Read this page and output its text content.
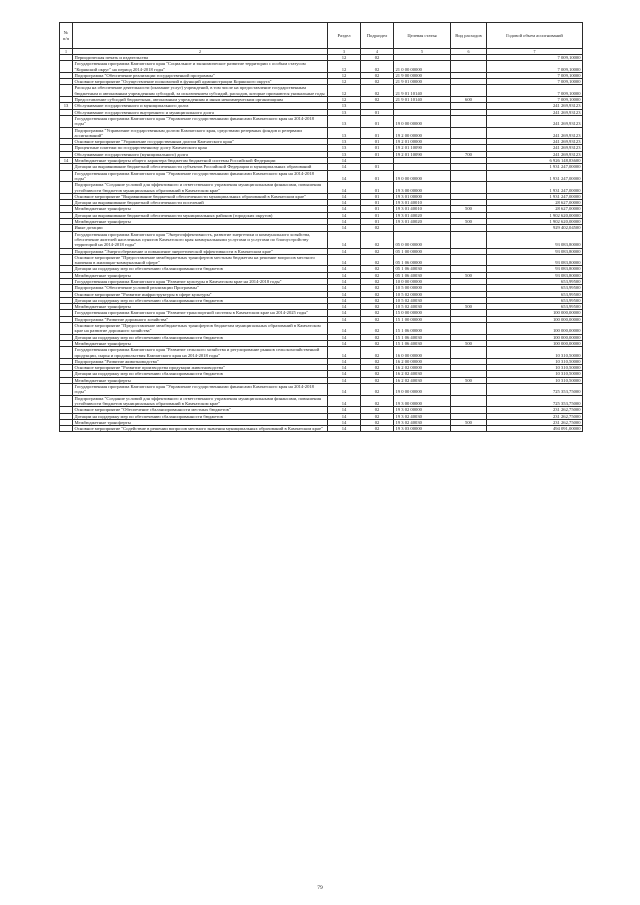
№ п/п		Раздел	Подраздел	Целевая статья	Вид расходов	Годовой объем ассигнований
1	2	3	4	5	6	7
	Периодическая печать и издательства	12	02			7 009,10000
	Государственная программа Камчатского края "Социальное и экономическое развитие территории с особым статусом "Корякский округ" на период 2014-2018 годы"	12	02	21 0 00 00000		7 009,10000
	Подпрограмма "Обеспечение реализации государственной программы"	12	02	21 9 00 00000		7 009,10000
	Основное мероприятие "Осуществление полномочий в функций администрации Корякского округа"	12	02	21 9 01 00000		7 009,10000
	Расходы на обеспечение деятельности (оказание услуг) учреждений, в том числе на предоставление государственным бюджетным и автономным учреждениям субсидий, за исключением субсидий, расходов, которые признаются уникальные годы	12	02	21 9 01 10140		7 009,10000
	Предоставление субсидий бюджетным, автономным учреждениям и иным некоммерческим организациям	12	02	21 9 01 10140	600	7 009,10000
13	Обслуживание государственного и муниципального долга	13				241 269,93123
	Обслуживание государственного внутреннего и муниципального долга	13	01			241 269,93123
	Государственная программа Камчатского края "Управление государственными финансами Камчатского края на 2014-2018 годы"	13	01	19 0 00 00000		241 269,93123
	Подпрограмма "Управление государственным долгом Камчатского края, средствами резервных фондов и резервами ассигнований"	13	01	19 2 00 00000		241 269,93123
	Основное мероприятие "Управление государственным долгом Камчатского края"	13	01	19 2 01 00000		241 269,93123
	Процентные платежи по государственному долгу Камчатского края	13	01	19 2 01 10090		241 269,93123
	Обслуживание государственного (муниципального) долга	13	01	19 2 01 10090	700	241 269,93123
14	Межбюджетные трансферты общего характера бюджетам бюджетной системы Российской Федерации	14				6 926 148,83600
	Дотации на выравнивание бюджетной обеспеченности субъектов Российской Федерации и муниципальных образований	14	01			1 931 247,00000
	Государственная программа Камчатского края "Управление государственными финансами Камчатского края на 2014-2018 годы"	14	01	19 0 00 00000		1 931 247,00000
	Подпрограмма "Создание условий для эффективного и ответственного управления муниципальными финансами, повышения устойчивости бюджетов муниципальных образований в Камчатском крае"	14	01	19 3 00 00000		1 931 247,00000
	Основное мероприятие "Выравнивание бюджетной обеспеченности муниципальных образований в Камчатском крае"	14	01	19 3 01 00000		1 931 247,00000
	Дотации на выравнивание бюджетной обеспеченности поселений	14	01	19 3 01 40010		28 627,00000
	Межбюджетные трансферты	14	01	19 3 01 40010	500	28 627,00000
	Дотации на выравнивание бюджетной обеспеченности муниципальных районов (городских округов)	14	01	19 3 01 40020		1 902 620,00000
	Межбюджетные трансферты	14	01	19 3 01 40020	500	1 902 620,00000
	Иные дотации	14	02			929 402,04500
	Государственная программа Камчатского края "Энергоэффективность, развитие энергетики и коммунального хозяйства, обеспечение жителей населенных пунктов Камчатского края коммунальными услугами и услугами по благоустройству территорий на 2014-2018 годы"	14	02	05 0 00 00000		93 083,80000
	Подпрограмма "Энергосбережение и повышение энергетической эффективности в Камчатском крае"	14	02	05 1 00 00000		93 083,80000
	Основное мероприятие "Предоставление межбюджетных трансфертов местным бюджетам на решение вопросов местного значения в жилищно-коммунальной сфере"	14	02	05 1 06 00000		93 083,80000
	Дотации на поддержку мер по обеспечению сбалансированности бюджетов	14	02	05 1 06 40030		93 083,80000
	Межбюджетные трансферты	14	02	05 1 06 40030	500	93 083,80000
	Государственная программа Камчатского края "Развитие культуры в Камчатском крае на 2014-2018 годы"	14	02	10 0 00 00000		653,99500
	Подпрограмма "Обеспечение условий реализации Программы"	14	02	10 5 00 00000		653,99500
	Основное мероприятие "Развитие инфраструктуры в сфере культуры"	14	02	10 5 02 00000		653,99500
	Дотации на поддержку мер по обеспечению сбалансированности бюджетов	14	02	10 5 02 40030		653,99500
	Межбюджетные трансферты	14	02	10 5 02 40030	500	653,99500
	Государственная программа Камчатского края "Развитие транспортной системы в Камчатском крае на 2014-2025 годы"	14	02	15 0 00 00000		100 000,00000
	Подпрограмма "Развитие дорожного хозяйства"	14	02	15 1 00 00000		100 000,00000
	Основное мероприятие "Предоставление межбюджетных трансфертов бюджетам муниципальных образований в Камчатском крае на развитие дорожного хозяйства"	14	02	15 1 06 00000		100 000,00000
	Дотации на поддержку мер по обеспечению сбалансированности бюджетов	14	02	15 1 06 40030		100 000,00000
	Межбюджетные трансферты	14	02	15 1 06 40030	500	100 000,00000
	Государственная программа Камчатского края "Развитие сельского хозяйства и регулирование рынков сельскохозяйственной продукции, сырья и продовольствия Камчатского края на 2014-2018 годы"	14	02	16 0 00 00000		10 310,50000
	Подпрограмма "Развитие животноводства"	14	02	16 2 00 00000		10 310,50000
	Основное мероприятие "Развитие производства продукции животноводства"	14	02	16 2 02 00000		10 310,50000
	Дотации на поддержку мер по обеспечению сбалансированности бюджетов	14	02	16 2 02 40030		10 310,50000
	Межбюджетные трансферты	14	02	16 2 02 40030	500	10 310,50000
	Государственная программа Камчатского края "Управление государственными финансами Камчатского края на 2014-2018 годы"	14	02	19 0 00 00000		725 353,75000
	Подпрограмма "Создание условий для эффективного и ответственного управления муниципальными финансами, повышения устойчивости бюджетов муниципальных образований в Камчатском крае"	14	02	19 3 00 00000		725 353,75000
	Основное мероприятие "Обеспечение сбалансированности местных бюджетов"	14	02	19 3 02 00000		231 262,75000
	Дотации на поддержку мер по обеспечению сбалансированности бюджетов	14	02	19 3 02 40030		231 262,75000
	Межбюджетные трансферты	14	02	19 3 02 40030	500	231 262,75000
	Основное мероприятие "Содействие в решении вопросов местного значения муниципальных образований в Камчатском крае"	14	02	19 3 03 00000		494 091,00000
79
